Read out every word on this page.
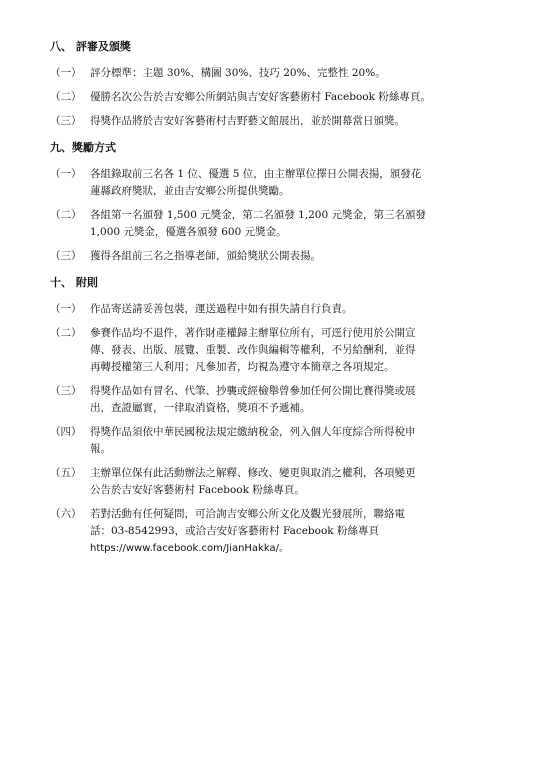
八、 評審及頒獎
（一） 評分標準：主題 30%、構圖 30%、技巧 20%、完整性 20%。
（二） 優勝名次公告於吉安鄉公所網站與吉安好客藝術村 Facebook 粉絲專頁。
（三） 得獎作品將於吉安好客藝術村吉野藝文館展出，並於開幕當日頒獎。
九、獎勵方式
（一） 各組錄取前三名各 1 位、優選 5 位，由主辦單位擇日公開表揚，頒發花
蓮縣政府獎狀，並由吉安鄉公所提供獎勵。
（二） 各組第一名頒發 1,500 元獎金，第二名頒發 1,200 元獎金，第三名頒發
1,000 元獎金，優選各頒發 600 元獎金。
（三） 獲得各組前三名之指導老師，頒給獎狀公開表揚。
十、 附則
（一） 作品寄送請妥善包裝，運送過程中如有損失請自行負責。
（二） 參賽作品均不退件，著作財產權歸主辦單位所有，可逕行使用於公開宣
傳、發表、出版、展覽、重製、改作與編輯等權利，不另給酬利，並得
再轉授權第三人利用；凡參加者，均視為遵守本簡章之各項規定。
（三） 得獎作品如有冒名、代筆、抄襲或經檢舉曾參加任何公開比賽得獎或展
出，查證屬實，一律取消資格，獎項不予遞補。
（四） 得獎作品須依中華民國稅法規定繳納稅金，列入個人年度綜合所得稅申
報。
（五） 主辦單位保有此活動辦法之解釋、修改、變更與取消之權利，各項變更
公告於吉安好客藝術村 Facebook 粉絲專頁。
（六） 若對活動有任何疑問，可洽詢吉安鄉公所文化及觀光發展所，聯絡電
話：03-8542993，或洽吉安好客藝術村 Facebook 粉絲專頁
https://www.facebook.com/JianHakka/。
